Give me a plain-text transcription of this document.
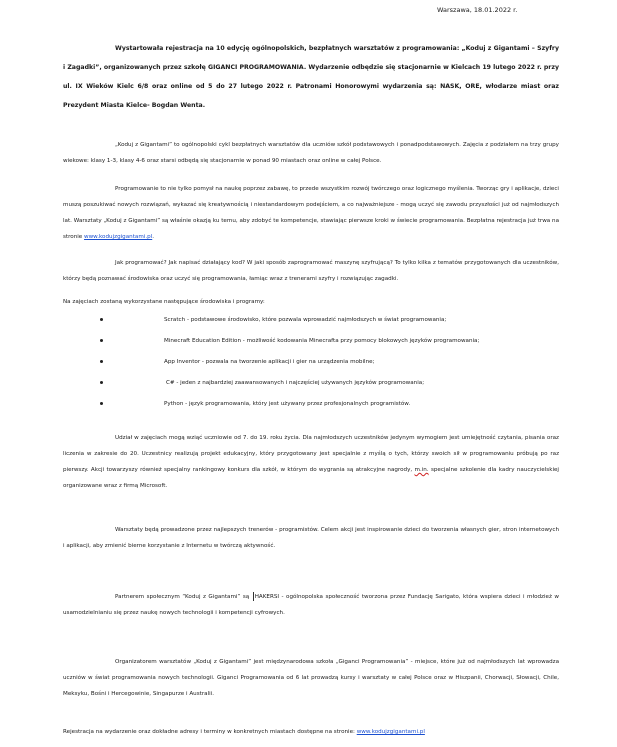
Warszawa, 18.01.2022 r.

Wystartowała rejestracja na 10 edycję ogólnopolskich, bezpłatnych warsztatów z programowania: „Koduj z Gigantami – Szyfry i Zagadki”, organizowanych przez szkołę GIGANCI PROGRAMOWANIA. Wydarzenie odbędzie się stacjonarnie w Kielcach 19 lutego 2022 r. przy ul. IX Wieków Kielc 6/8 oraz online od 5 do 27 lutego 2022 r. Patronami Honorowymi wydarzenia są: NASK, ORE, włodarze miast oraz Prezydent Miasta Kielce- Bogdan Wenta.

„Koduj z Gigantami” to ogólnopolski cykl bezpłatnych warsztatów dla uczniów szkół podstawowych i ponadpodstawowych. Zajęcia z podziałem na trzy grupy wiekowe: klasy 1-3, klasy 4-6 oraz starsi odbędą się stacjonarnie w ponad 90 miastach oraz online w całej Polsce.

Programowanie to nie tylko pomysł na naukę poprzez zabawę, to przede wszystkim rozwój twórczego oraz logicznego myślenia. Tworząc gry i aplikacje, dzieci muszą poszukiwać nowych rozwiązań, wykazać się kreatywnością i niestandardowym podejściem, a co najważniejsze - mogą uczyć się zawodu przyszłości już od najmłodszych lat. Warsztaty „Koduj z Gigantami” są właśnie okazją ku temu, aby zdobyć te kompetencje, stawiając pierwsze kroki w świecie programowania. Bezpłatna rejestracja już trwa na stronie www.kodujzgigantami.pl.

Jak programować? Jak napisać działający kod? W jaki sposób zaprogramować maszynę szyfrującą? To tylko kilka z tematów przygotowanych dla uczestników, którzy będą poznawać środowiska oraz uczyć się programowania, łamiąc wraz z trenerami szyfry i rozwiązując zagadki.

Na zajęciach zostaną wykorzystane następujące środowiska i programy:

Scratch - podstawowe środowisko, które pozwala wprowadzić najmłodszych w świat programowania;
Minecraft Education Edition - możliwość kodowania Minecrafta przy pomocy blokowych języków programowania;
App Inventor - pozwala na tworzenie aplikacji i gier na urządzenia mobilne;
C# - jeden z najbardziej zaawansowanych i najczęściej używanych języków programowania;
Python - język programowania, który jest używany przez profesjonalnych programistów.

Udział w zajęciach mogą wziąć uczniowie od 7. do 19. roku życia. Dla najmłodszych uczestników jedynym wymogiem jest umiejętność czytania, pisania oraz liczenia w zakresie do 20. Uczestnicy realizują projekt edukacyjny, który przygotowany jest specjalnie z myślą o tych, którzy swoich sił w programowaniu próbują po raz pierwszy. Akcji towarzyszy również specjalny rankingowy konkurs dla szkół, w którym do wygrania są atrakcyjne nagrody, m.in. specjalne szkolenie dla kadry nauczycielskiej organizowane wraz z firmą Microsoft.

Warsztaty będą prowadzone przez najlepszych trenerów - programistów. Celem akcji jest inspirowanie dzieci do tworzenia własnych gier, stron internetowych i aplikacji, aby zmienić bierne korzystanie z Internetu w twórczą aktywność.

Partnerem społecznym “Koduj z Gigantami” są HAKERSI - ogólnopolska społeczność tworzona przez Fundację Sarigato, która wspiera dzieci i młodzież w usamodzielnianiu się przez naukę nowych technologii i kompetencji cyfrowych.

Organizatorem warsztatów „Koduj z Gigantami” jest międzynarodowa szkoła „Giganci Programowania” - miejsce, które już od najmłodszych lat wprowadza uczniów w świat programowania nowych technologii. Giganci Programowania od 6 lat prowadzą kursy i warsztaty w całej Polsce oraz w Hiszpanii, Chorwacji, Słowacji, Chile, Meksyku, Bośni i Hercegowinie, Singapurze i Australii.

Rejestracja na wydarzenie oraz dokładne adresy i terminy w konkretnych miastach dostępne na stronie: www.kodujzgigantami.pl
